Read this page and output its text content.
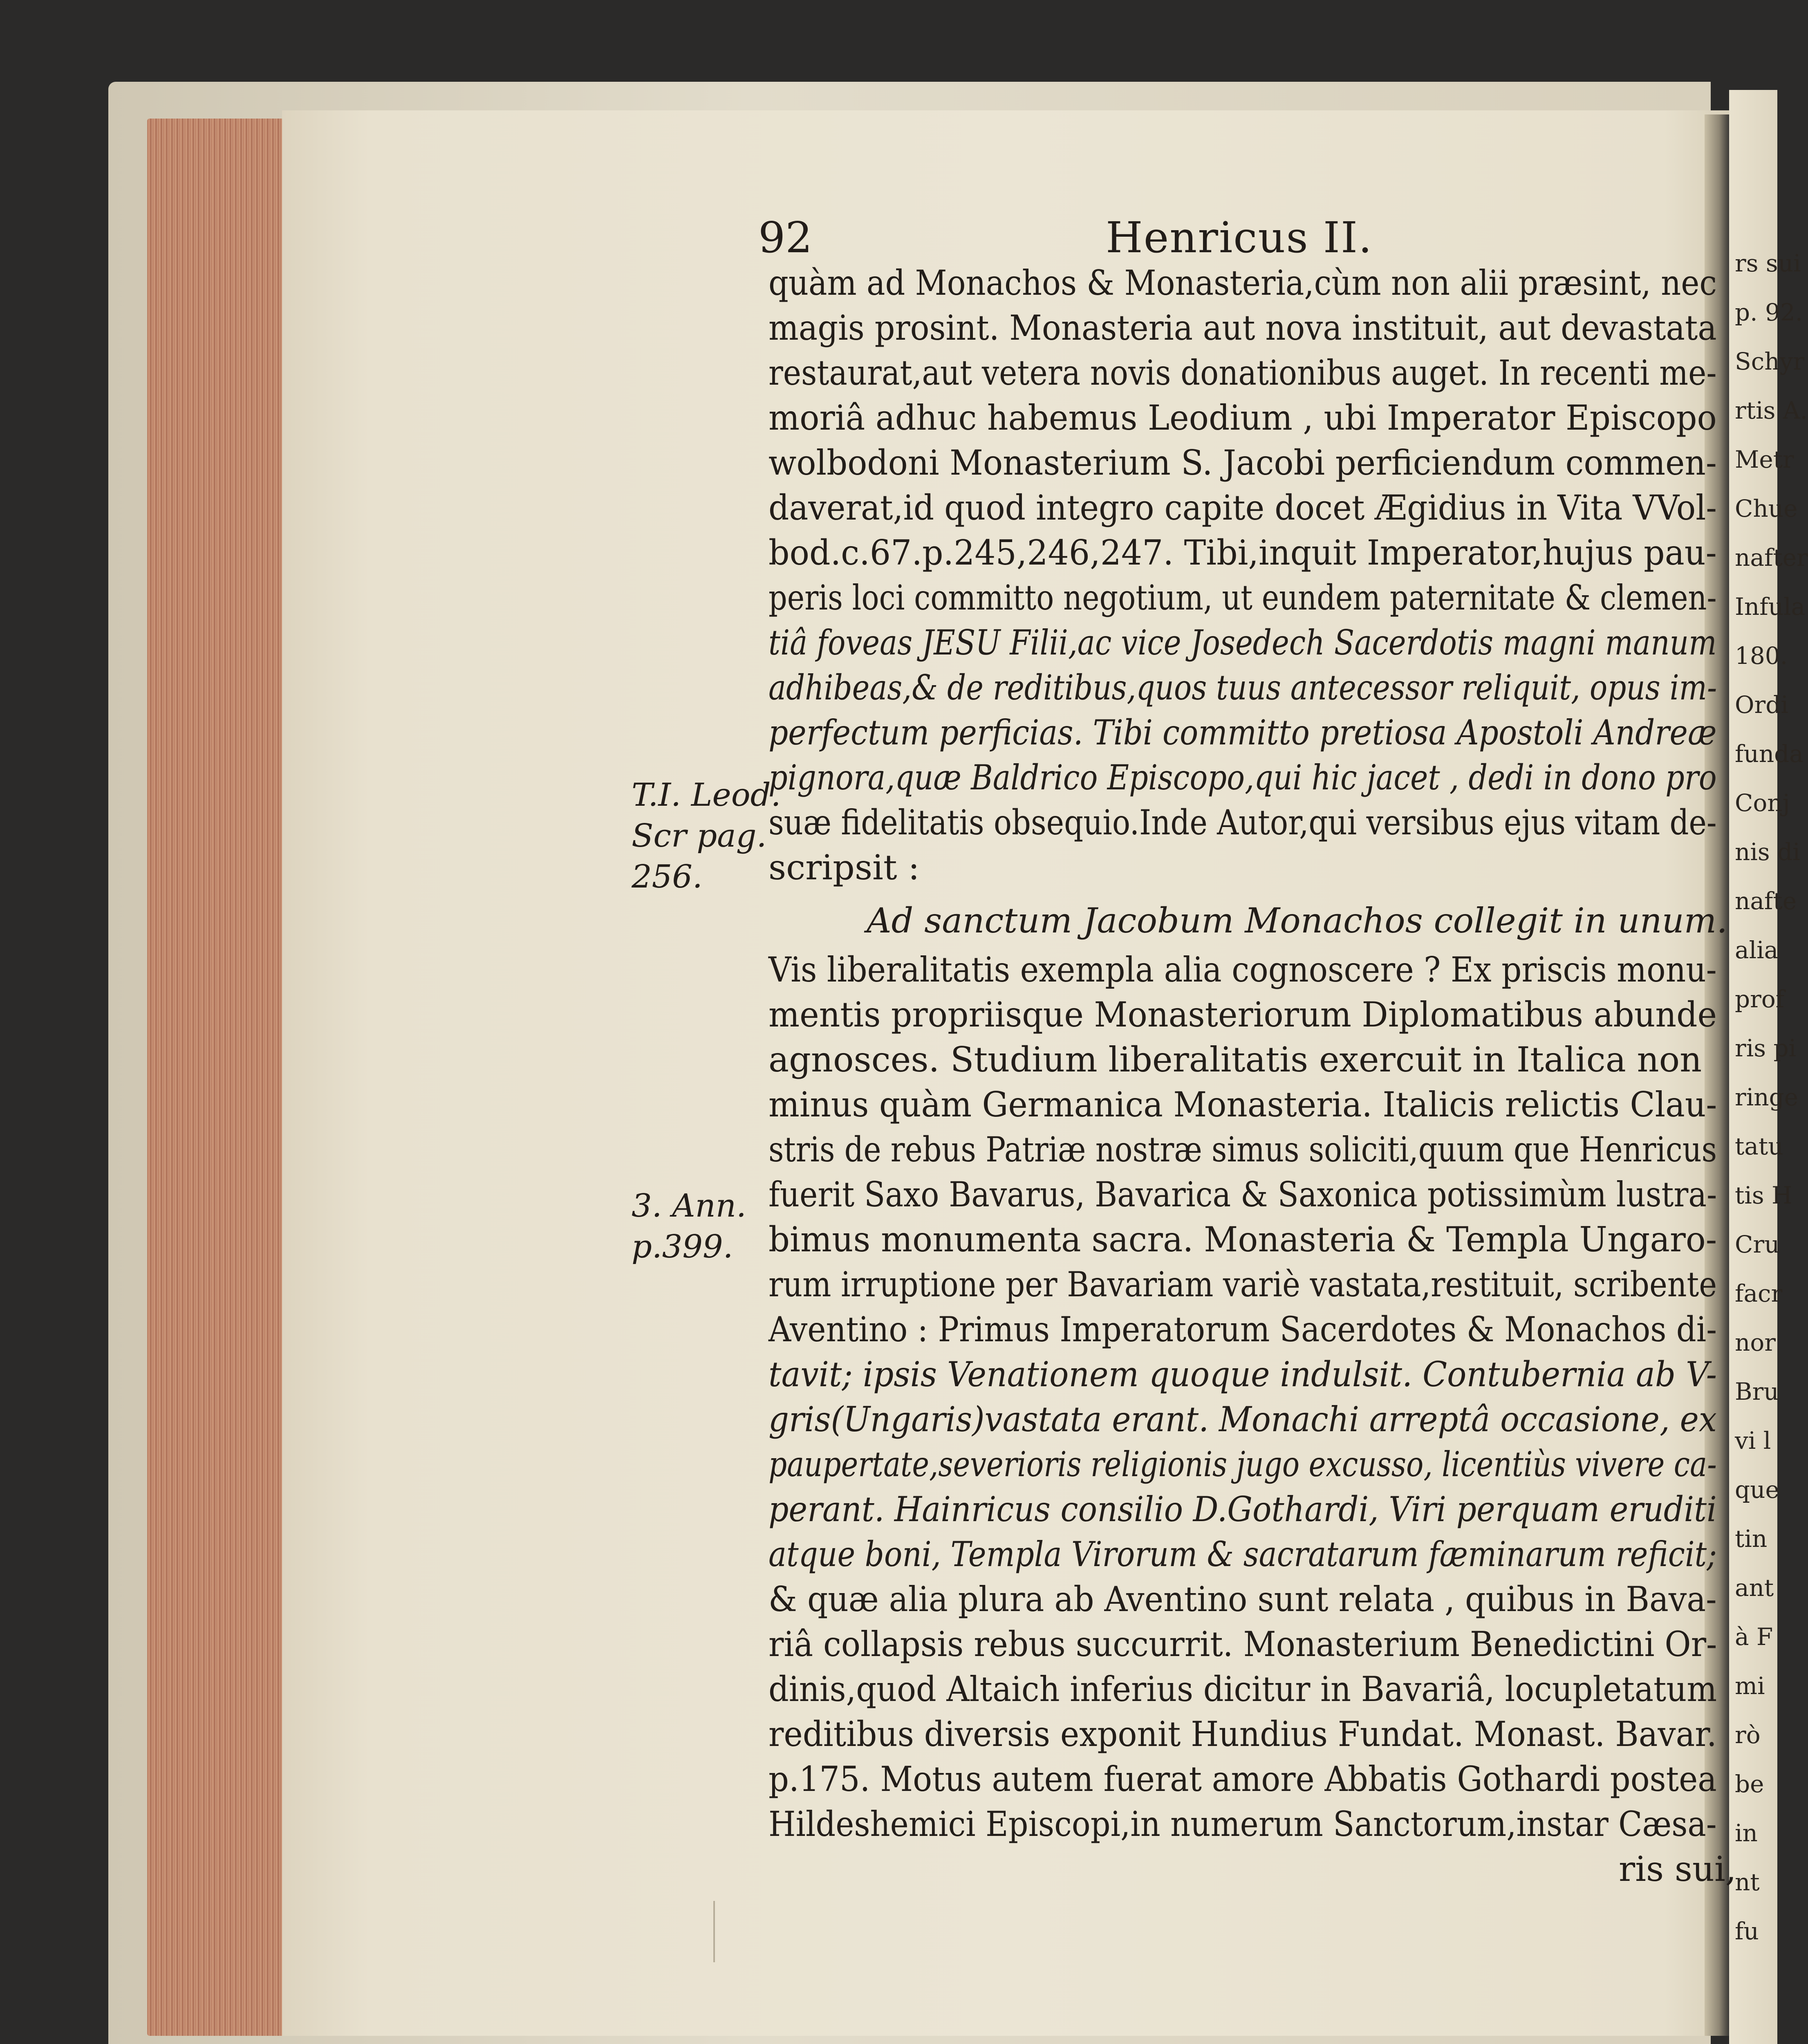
rs sui
p. 92.
Schyr
rtis A.
Metr
Chue
nafter
Infula
180.
Ordi
funda
Conj
nis di
nafte
alia
prof
ris pi
ringe
tatu
tis H
Cru
facr
nor
Bru
vi l
que
tin
ant
à F
mi
rò
be
in
nt
fu
92	Henricus II.
T.I. Leod.
Scr pag.
256.
3. Ann.
p.399.
quàm ad Monachos & Monasteria,cùm non alii præsint, nec
magis prosint. Monasteria aut nova instituit, aut devastata
restaurat,aut vetera novis donationibus auget. In recenti me-
moriâ adhuc habemus Leodium , ubi Imperator Episcopo
wolbodoni Monasterium S. Jacobi perficiendum commen-
daverat,id quod integro capite docet Ægidius in Vita VVol-
bod.c.67.p.245,246,247. Tibi,inquit Imperator,hujus pau-
peris loci committo negotium, ut eundem paternitate & clemen-
tiâ foveas JESU Filii,ac vice Josedech Sacerdotis magni manum
adhibeas,& de reditibus,quos tuus antecessor reliquit, opus im-
perfectum perficias. Tibi committo pretiosa Apostoli Andreæ
pignora,quæ Baldrico Episcopo,qui hic jacet , dedi in dono pro
suæ fidelitatis obsequio.Inde Autor,qui versibus ejus vitam de-
scripsit :
Ad sanctum Jacobum Monachos collegit in unum.
Vis liberalitatis exempla alia cognoscere ? Ex priscis monu-
mentis propriisque Monasteriorum Diplomatibus abunde
agnosces. Studium liberalitatis exercuit in Italica non
minus quàm Germanica Monasteria. Italicis relictis Clau-
stris de rebus Patriæ nostræ simus soliciti,quum que Henricus
fuerit Saxo Bavarus, Bavarica & Saxonica potissimùm lustra-
bimus monumenta sacra. Monasteria & Templa Ungaro-
rum irruptione per Bavariam variè vastata,restituit, scribente
Aventino : Primus Imperatorum Sacerdotes & Monachos di-
tavit; ipsis Venationem quoque indulsit. Contubernia ab V-
gris(Ungaris)vastata erant. Monachi arreptâ occasione, ex
paupertate,severioris religionis jugo excusso, licentiùs vivere ca-
perant. Hainricus consilio D.Gothardi, Viri perquam eruditi
atque boni, Templa Virorum & sacratarum fæminarum reficit;
& quæ alia plura ab Aventino sunt relata , quibus in Bava-
riâ collapsis rebus succurrit. Monasterium Benedictini Or-
dinis,quod Altaich inferius dicitur in Bavariâ, locupletatum
reditibus diversis exponit Hundius Fundat. Monast. Bavar.
p.175. Motus autem fuerat amore Abbatis Gothardi postea
Hildeshemici Episcopi,in numerum Sanctorum,instar Cæsa-
ris sui,
